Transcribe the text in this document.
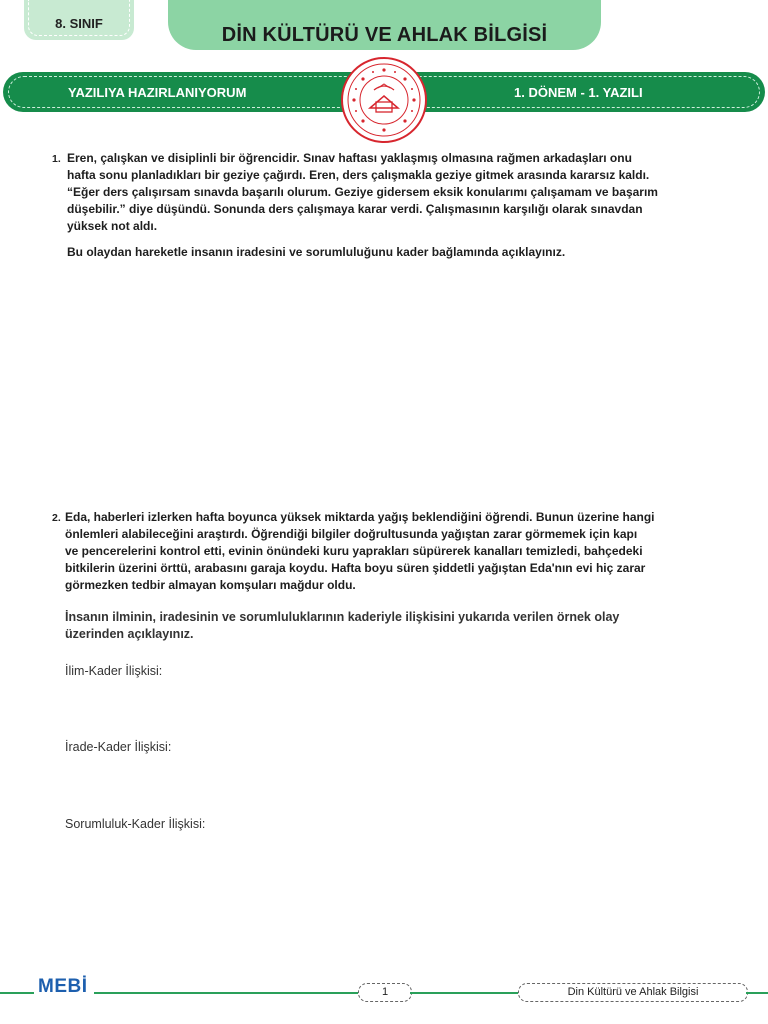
8. SINIF
DİN KÜLTÜRÜ VE AHLAK BİLGİSİ
YAZILIYA HAZIRLANIYORUM	1. DÖNEM - 1. YAZILI
1. Eren, çalışkan ve disiplinli bir öğrencidir. Sınav haftası yaklaşmış olmasına rağmen arkadaşları onu
hafta sonu planladıkları bir geziye çağırdı. Eren, ders çalışmakla geziye gitmek arasında kararsız kaldı.
“Eğer ders çalışırsam sınavda başarılı olurum. Geziye gidersem eksik konularımı çalışamam ve başarım
düşebilir.” diye düşündü. Sonunda ders çalışmaya karar verdi. Çalışmasının karşılığı olarak sınavdan
yüksek not aldı.
Bu olaydan hareketle insanın iradesini ve sorumluluğunu kader bağlamında açıklayınız.
2. Eda, haberleri izlerken hafta boyunca yüksek miktarda yağış beklendiğini öğrendi. Bunun üzerine hangi
önlemleri alabileceğini araştırdı. Öğrendiği bilgiler doğrultusunda yağıştan zarar görmemek için kapı
ve pencerelerini kontrol etti, evinin önündeki kuru yaprakları süpürerek kanalları temizledi, bahçedeki
bitkilerin üzerini örttü, arabasını garaja koydu. Hafta boyu süren şiddetli yağıştan Eda'nın evi hiç zarar
görmezken tedbir almayan komşuları mağdur oldu.
İnsanın ilminin, iradesinin ve sorumluluklarının kaderiyle ilişkisini yukarıda verilen örnek olay
üzerinden açıklayınız.
İlim-Kader İlişkisi:
İrade-Kader İlişkisi:
Sorumluluk-Kader İlişkisi:
MEBİ	1	Din Kültürü ve Ahlak Bilgisi
